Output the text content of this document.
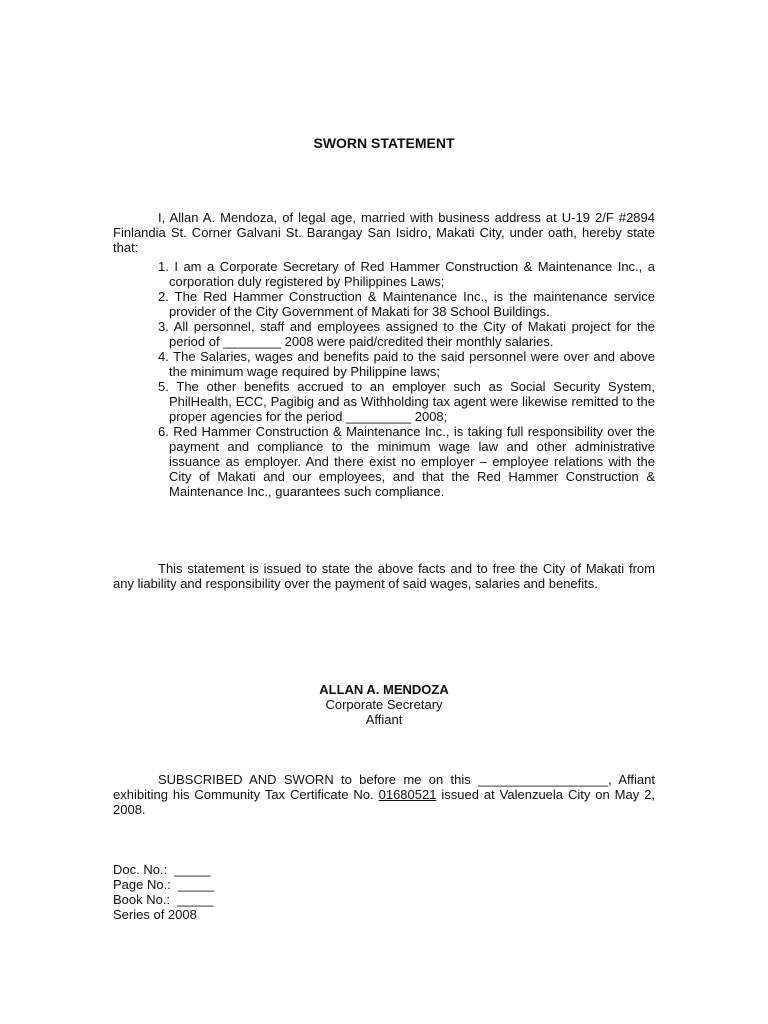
SWORN STATEMENT

I, Allan A. Mendoza, of legal age, married with business address at U-19 2/F #2894 Finlandia St. Corner Galvani St. Barangay San Isidro, Makati City, under oath, hereby state that:

1. I am a Corporate Secretary of Red Hammer Construction & Maintenance Inc., a corporation duly registered by Philippines Laws;
2. The Red Hammer Construction & Maintenance Inc., is the maintenance service provider of the City Government of Makati for 38 School Buildings.
3. All personnel, staff and employees assigned to the City of Makati project for the period of ________ 2008 were paid/credited their monthly salaries.
4. The Salaries, wages and benefits paid to the said personnel were over and above the minimum wage required by Philippine laws;
5. The other benefits accrued to an employer such as Social Security System, PhilHealth, ECC, Pagibig and as Withholding tax agent were likewise remitted to the proper agencies for the period _________ 2008;
6. Red Hammer Construction & Maintenance Inc., is taking full responsibility over the payment and compliance to the minimum wage law and other administrative issuance as employer. And there exist no employer – employee relations with the City of Makati and our employees, and that the Red Hammer Construction & Maintenance Inc., guarantees such compliance.

This statement is issued to state the above facts and to free the City of Makati from any liability and responsibility over the payment of said wages, salaries and benefits.

ALLAN A. MENDOZA
Corporate Secretary
Affiant

SUBSCRIBED AND SWORN to before me on this __________________, Affiant exhibiting his Community Tax Certificate No. 01680521 issued at Valenzuela City on May 2, 2008.

Doc. No.:  _____
Page No.:  _____
Book No.:  _____
Series of 2008
